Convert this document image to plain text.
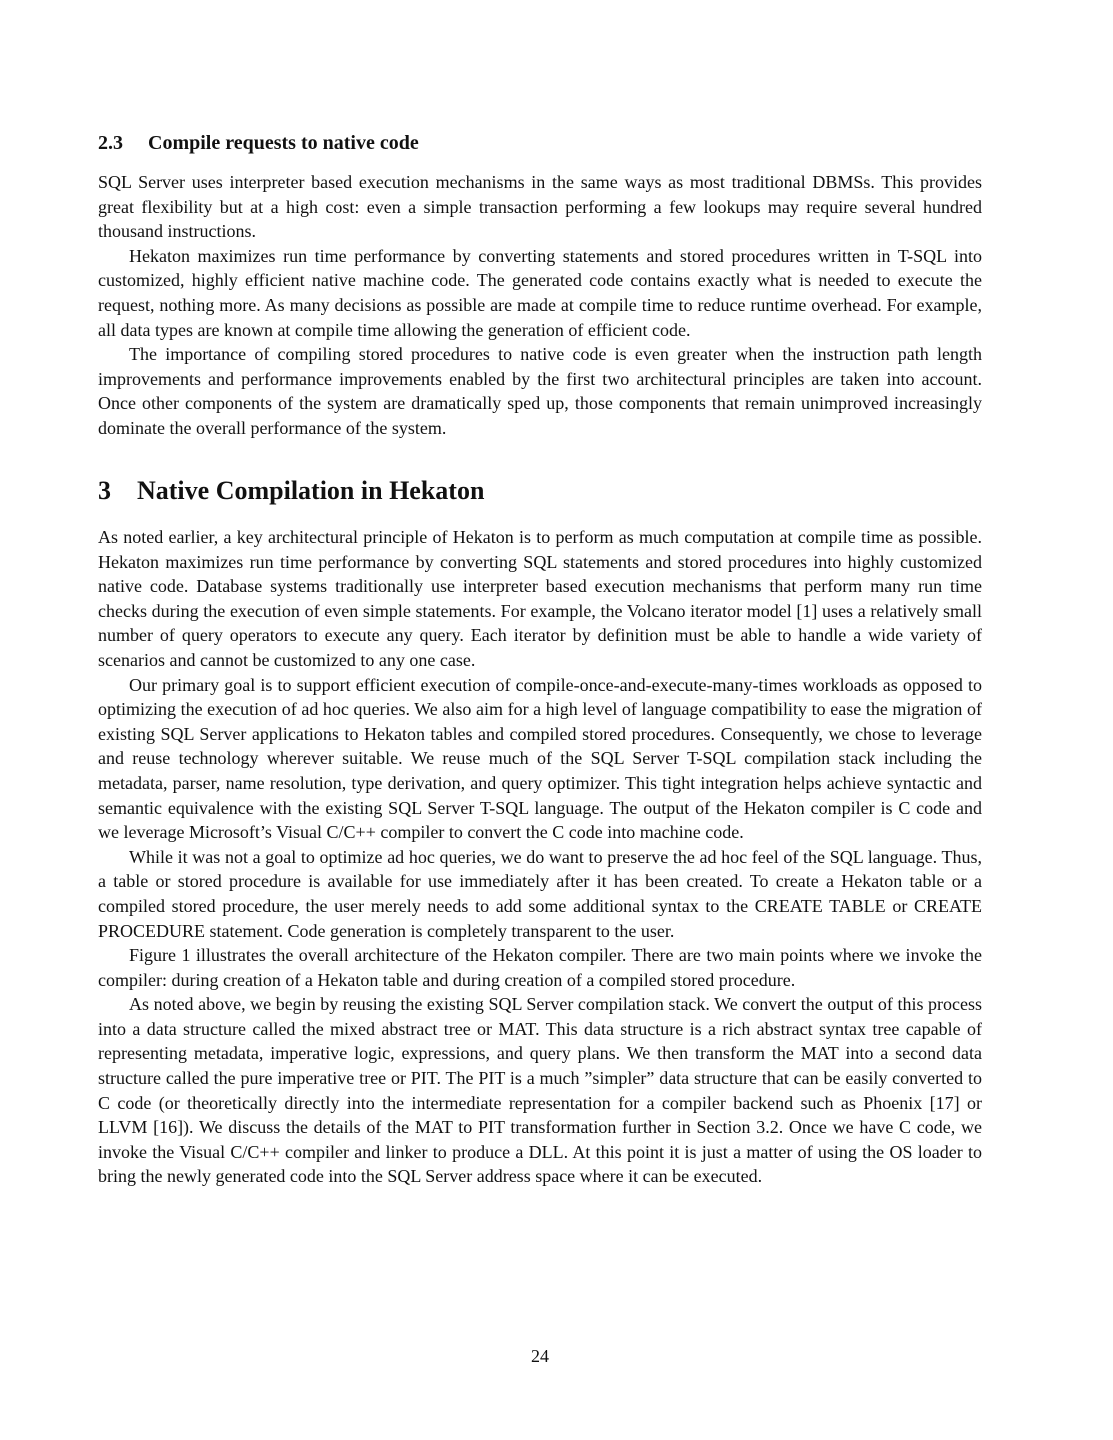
2.3 Compile requests to native code

SQL Server uses interpreter based execution mechanisms in the same ways as most traditional DBMSs. This provides great flexibility but at a high cost: even a simple transaction performing a few lookups may require several hundred thousand instructions.

Hekaton maximizes run time performance by converting statements and stored procedures written in T-SQL into customized, highly efficient native machine code. The generated code contains exactly what is needed to execute the request, nothing more. As many decisions as possible are made at compile time to reduce runtime overhead. For example, all data types are known at compile time allowing the generation of efficient code.

The importance of compiling stored procedures to native code is even greater when the instruction path length improvements and performance improvements enabled by the first two architectural principles are taken into account. Once other components of the system are dramatically sped up, those components that remain unimproved increasingly dominate the overall performance of the system.

3 Native Compilation in Hekaton

As noted earlier, a key architectural principle of Hekaton is to perform as much computation at compile time as possible. Hekaton maximizes run time performance by converting SQL statements and stored procedures into highly customized native code. Database systems traditionally use interpreter based execution mechanisms that perform many run time checks during the execution of even simple statements. For example, the Volcano iterator model [1] uses a relatively small number of query operators to execute any query. Each iterator by definition must be able to handle a wide variety of scenarios and cannot be customized to any one case.

Our primary goal is to support efficient execution of compile-once-and-execute-many-times workloads as opposed to optimizing the execution of ad hoc queries. We also aim for a high level of language compatibility to ease the migration of existing SQL Server applications to Hekaton tables and compiled stored procedures. Consequently, we chose to leverage and reuse technology wherever suitable. We reuse much of the SQL Server T-SQL compilation stack including the metadata, parser, name resolution, type derivation, and query optimizer. This tight integration helps achieve syntactic and semantic equivalence with the existing SQL Server T-SQL language. The output of the Hekaton compiler is C code and we leverage Microsoft’s Visual C/C++ compiler to convert the C code into machine code.

While it was not a goal to optimize ad hoc queries, we do want to preserve the ad hoc feel of the SQL language. Thus, a table or stored procedure is available for use immediately after it has been created. To create a Hekaton table or a compiled stored procedure, the user merely needs to add some additional syntax to the CREATE TABLE or CREATE PROCEDURE statement. Code generation is completely transparent to the user.

Figure 1 illustrates the overall architecture of the Hekaton compiler. There are two main points where we invoke the compiler: during creation of a Hekaton table and during creation of a compiled stored procedure.

As noted above, we begin by reusing the existing SQL Server compilation stack. We convert the output of this process into a data structure called the mixed abstract tree or MAT. This data structure is a rich abstract syntax tree capable of representing metadata, imperative logic, expressions, and query plans. We then transform the MAT into a second data structure called the pure imperative tree or PIT. The PIT is a much ”simpler” data structure that can be easily converted to C code (or theoretically directly into the intermediate representation for a compiler backend such as Phoenix [17] or LLVM [16]). We discuss the details of the MAT to PIT transformation further in Section 3.2. Once we have C code, we invoke the Visual C/C++ compiler and linker to produce a DLL. At this point it is just a matter of using the OS loader to bring the newly generated code into the SQL Server address space where it can be executed.

24
